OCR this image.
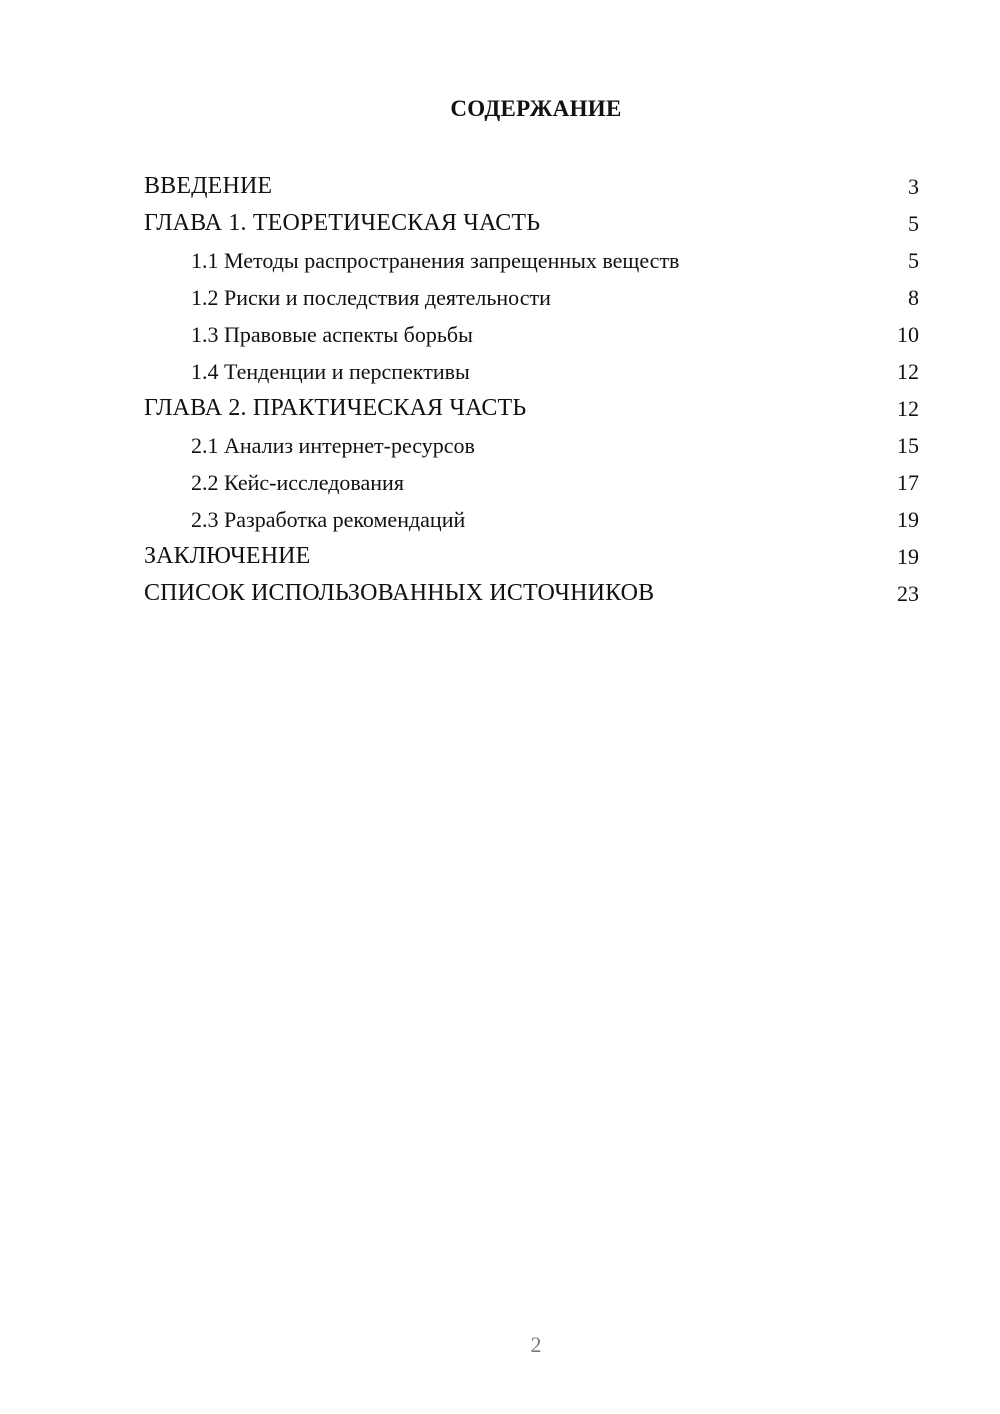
СОДЕРЖАНИЕ
ВВЕДЕНИЕ	3
ГЛАВА 1. ТЕОРЕТИЧЕСКАЯ ЧАСТЬ	5
1.1 Методы распространения запрещенных веществ	5
1.2 Риски и последствия деятельности	8
1.3 Правовые аспекты борьбы	10
1.4 Тенденции и перспективы	12
ГЛАВА 2. ПРАКТИЧЕСКАЯ ЧАСТЬ	12
2.1 Анализ интернет-ресурсов	15
2.2 Кейс-исследования	17
2.3 Разработка рекомендаций	19
ЗАКЛЮЧЕНИЕ	19
СПИСОК ИСПОЛЬЗОВАННЫХ ИСТОЧНИКОВ	23
2
